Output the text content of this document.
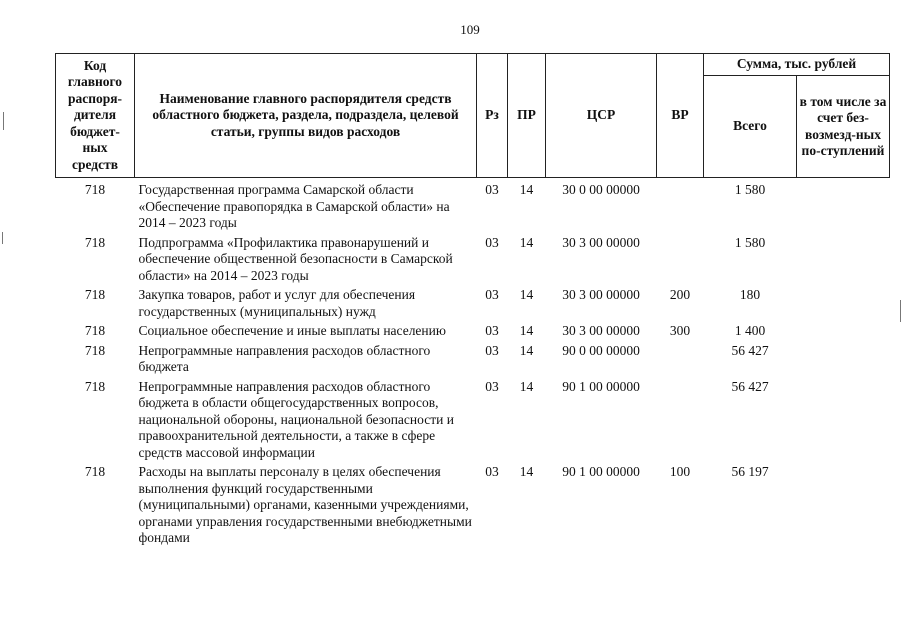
109
Код главного распоря-дителя бюджет-ных средств	Наименование главного распорядителя средств областного бюджета, раздела, подраздела, целевой статьи, группы видов расходов	Рз	ПР	ЦСР	ВР	Сумма, тыс. рублей	
						Всего	в том числе за счет без-возмезд-ных по-ступлений
718	Государственная программа Самарской области «Обеспечение правопорядка в Самарской области» на 2014 – 2023 годы	03	14	30 0 00 00000		1 580	
718	Подпрограмма «Профилактика правонарушений и обеспечение общественной безопасности в Самарской области» на 2014 – 2023 годы	03	14	30 3 00 00000		1 580	
718	Закупка товаров, работ и услуг для обеспечения государственных (муниципальных) нужд	03	14	30 3 00 00000	200	180	
718	Социальное обеспечение и иные выплаты населению	03	14	30 3 00 00000	300	1 400	
718	Непрограммные направления расходов областного бюджета	03	14	90 0 00 00000		56 427	
718	Непрограммные направления расходов областного бюджета в области общегосударственных вопросов, национальной обороны, национальной безопасности и правоохранительной деятельности, а также в сфере средств массовой информации	03	14	90 1 00 00000		56 427	
718	Расходы на выплаты персоналу в целях обеспечения выполнения функций государственными (муниципальными) органами, казенными учреждениями, органами управления государственными внебюджетными фондами	03	14	90 1 00 00000	100	56 197	
